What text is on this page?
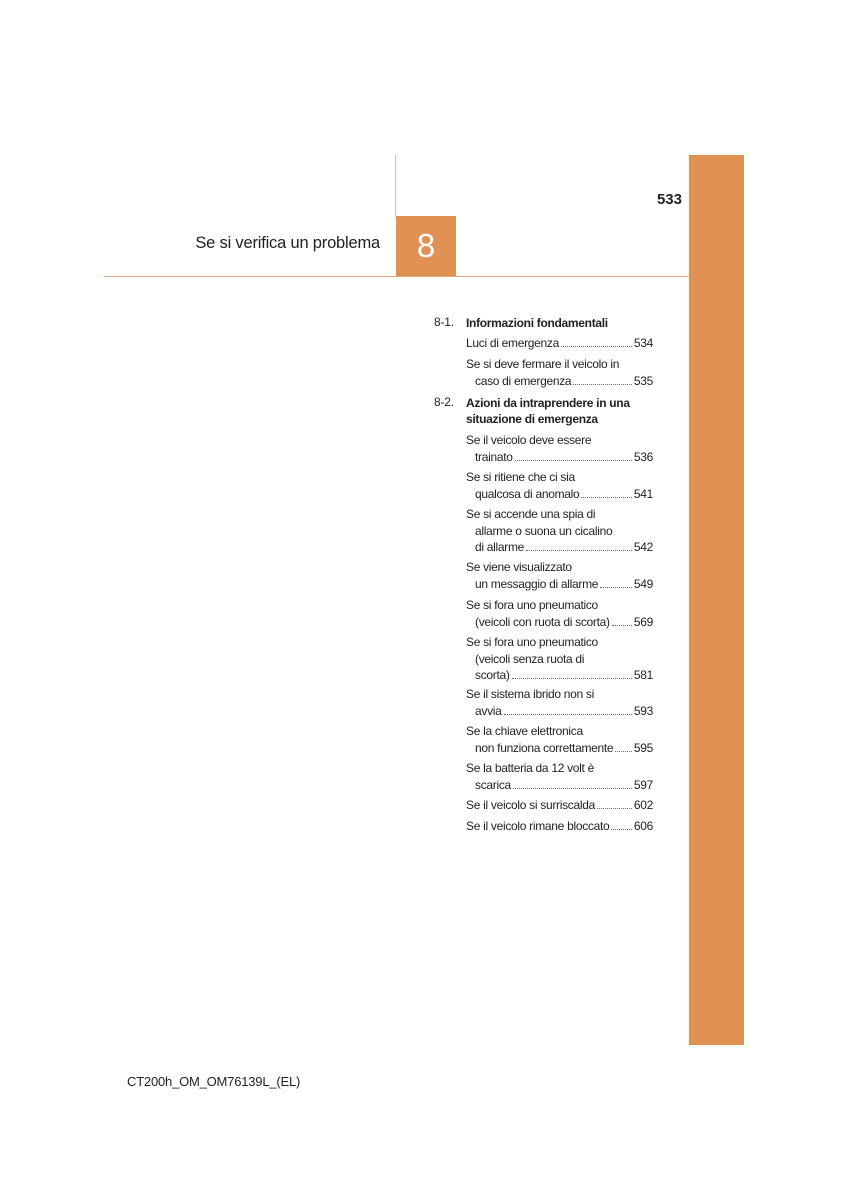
533
Se si verifica un problema	8
8-1. Informazioni fondamentali
Luci di emergenza	534
Se si deve fermare il veicolo in
caso di emergenza	535
8-2. Azioni da intraprendere in una
situazione di emergenza
Se il veicolo deve essere
trainato	536
Se si ritiene che ci sia
qualcosa di anomalo	541
Se si accende una spia di
allarme o suona un cicalino
di allarme	542
Se viene visualizzato
un messaggio di allarme	549
Se si fora uno pneumatico
(veicoli con ruota di scorta) 569
Se si fora uno pneumatico
(veicoli senza ruota di
scorta)	581
Se il sistema ibrido non si
avvia	593
Se la chiave elettronica
non funziona correttamente 595
Se la batteria da 12 volt è
scarica	597
Se il veicolo si surriscalda	602
Se il veicolo rimane bloccato 606
CT200h_OM_OM76139L_(EL)
